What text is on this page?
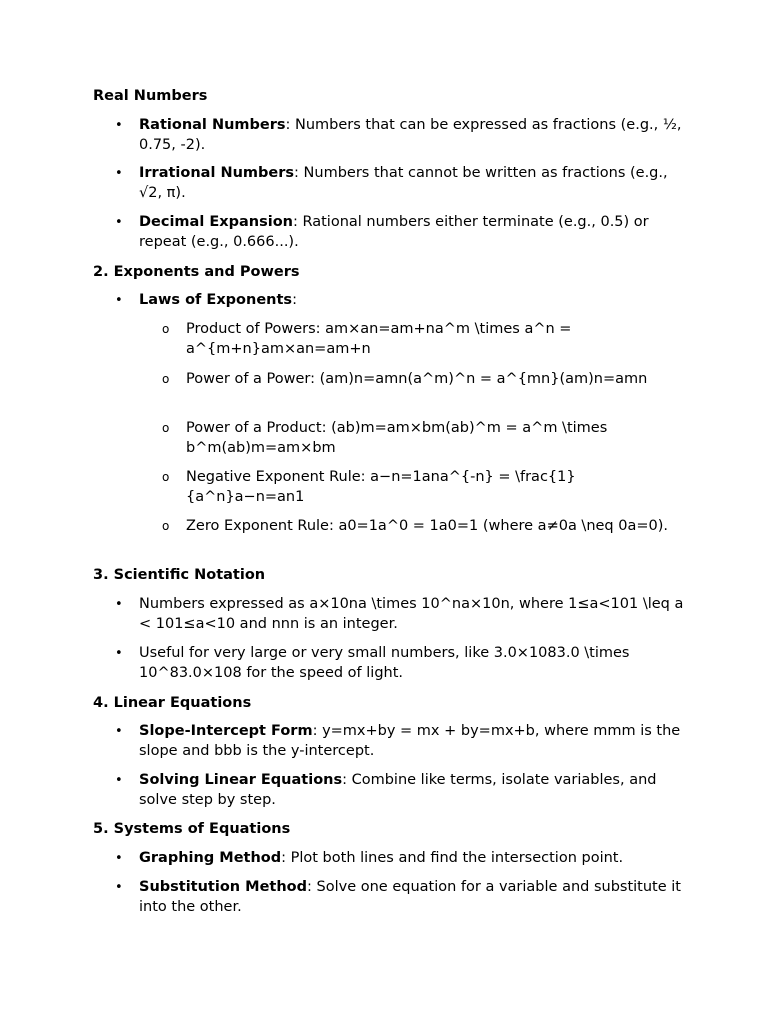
Real Numbers
• Rational Numbers: Numbers that can be expressed as fractions (e.g., ½, 0.75, -2).
• Irrational Numbers: Numbers that cannot be written as fractions (e.g., √2, π).
• Decimal Expansion: Rational numbers either terminate (e.g., 0.5) or repeat (e.g., 0.666...).
2. Exponents and Powers
• Laws of Exponents:
o Product of Powers: am×an=am+na^m \times a^n = a^{m+n}am×an=am+n
o Power of a Power: (am)n=amn(a^m)^n = a^{mn}(am)n=amn
o Power of a Product: (ab)m=am×bm(ab)^m = a^m \times b^m(ab)m=am×bm
o Negative Exponent Rule: a−n=1ana^{-n} = \frac{1}{a^n}a−n=an1
o Zero Exponent Rule: a0=1a^0 = 1a0=1 (where a≠0a \neq 0a=0).
3. Scientific Notation
• Numbers expressed as a×10na \times 10^na×10n, where 1≤a<101 \leq a < 101≤a<10 and nnn is an integer.
• Useful for very large or very small numbers, like 3.0×1083.0 \times 10^83.0×108 for the speed of light.
4. Linear Equations
• Slope-Intercept Form: y=mx+by = mx + by=mx+b, where mmm is the slope and bbb is the y-intercept.
• Solving Linear Equations: Combine like terms, isolate variables, and solve step by step.
5. Systems of Equations
• Graphing Method: Plot both lines and find the intersection point.
• Substitution Method: Solve one equation for a variable and substitute it into the other.
